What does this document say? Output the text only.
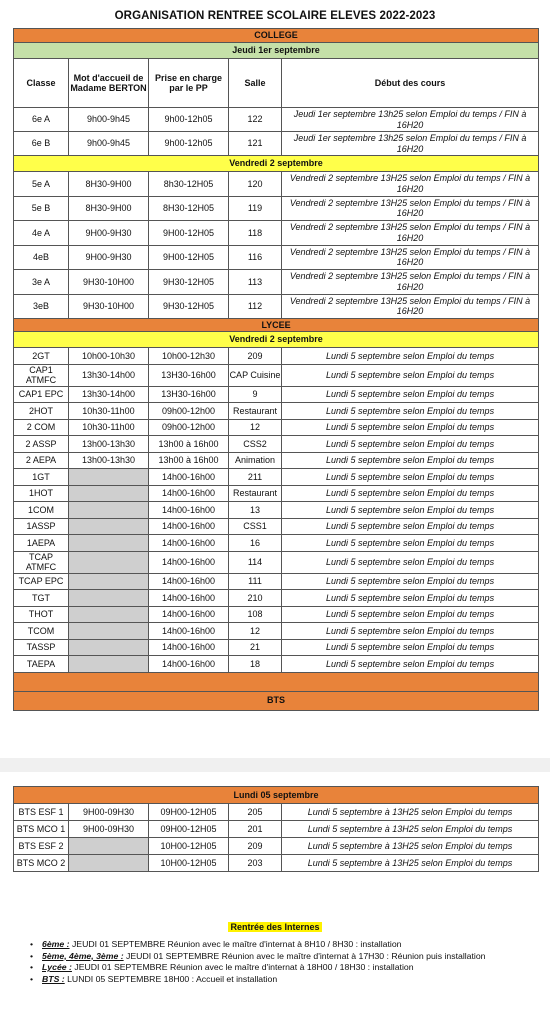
ORGANISATION RENTREE SCOLAIRE ELEVES 2022-2023
COLLEGE				
Jeudi 1er septembre				
Classe	Mot d'accueil de Madame BERTON	Prise en charge par le PP	Salle	Début des cours
6e A	9h00-9h45	9h00-12h05	122	Jeudi 1er septembre 13h25 selon Emploi du temps / FIN à 16H20
6e B	9h00-9h45	9h00-12h05	121	Jeudi 1er septembre 13h25 selon Emploi du temps / FIN à 16H20
Vendredi 2 septembre				
5e A	8H30-9H00	8h30-12H05	120	Vendredi 2 septembre 13H25 selon Emploi du temps / FIN à 16H20
5e B	8H30-9H00	8H30-12H05	119	Vendredi 2 septembre 13H25 selon Emploi du temps / FIN à 16H20
4e A	9H00-9H30	9H00-12H05	118	Vendredi 2 septembre 13H25 selon Emploi du temps / FIN à 16H20
4eB	9H00-9H30	9H00-12H05	116	Vendredi 2 septembre 13H25 selon Emploi du temps / FIN à 16H20
3e A	9H30-10H00	9H30-12H05	113	Vendredi 2 septembre 13H25 selon Emploi du temps / FIN à 16H20
3eB	9H30-10H00	9H30-12H05	112	Vendredi 2 septembre 13H25 selon Emploi du temps / FIN à 16H20
LYCEE				
Vendredi 2 septembre				
2GT	10h00-10h30	10h00-12h30	209	Lundi 5 septembre selon Emploi du temps
CAP1 ATMFC	13h30-14h00	13H30-16h00	CAP Cuisine	Lundi 5 septembre selon Emploi du temps
CAP1 EPC	13h30-14h00	13H30-16h00	9	Lundi 5 septembre selon Emploi du temps
2HOT	10h30-11h00	09h00-12h00	Restaurant	Lundi 5 septembre selon Emploi du temps
2 COM	10h30-11h00	09h00-12h00	12	Lundi 5 septembre selon Emploi du temps
2 ASSP	13h00-13h30	13h00 à 16h00	CSS2	Lundi 5 septembre selon Emploi du temps
2 AEPA	13h00-13h30	13h00 à 16h00	Animation	Lundi 5 septembre selon Emploi du temps
1GT		14h00-16h00	211	Lundi 5 septembre selon Emploi du temps
1HOT		14h00-16h00	Restaurant	Lundi 5 septembre selon Emploi du temps
1COM		14h00-16h00	13	Lundi 5 septembre selon Emploi du temps
1ASSP		14h00-16h00	CSS1	Lundi 5 septembre selon Emploi du temps
1AEPA		14h00-16h00	16	Lundi 5 septembre selon Emploi du temps
TCAP ATMFC		14h00-16h00	114	Lundi 5 septembre selon Emploi du temps
TCAP EPC		14h00-16h00	111	Lundi 5 septembre selon Emploi du temps
TGT		14h00-16h00	210	Lundi 5 septembre selon Emploi du temps
THOT		14h00-16h00	108	Lundi 5 septembre selon Emploi du temps
TCOM		14h00-16h00	12	Lundi 5 septembre selon Emploi du temps
TASSP		14h00-16h00	21	Lundi 5 septembre selon Emploi du temps
TAEPA		14h00-16h00	18	Lundi 5 septembre selon Emploi du temps

BTS				
Lundi 05 septembre				
BTS ESF 1	9H00-09H30	09H00-12H05	205	Lundi 5 septembre à 13H25 selon Emploi du temps
BTS MCO 1	9H00-09H30	09H00-12H05	201	Lundi 5 septembre à 13H25 selon Emploi du temps
BTS ESF 2		10H00-12H05	209	Lundi 5 septembre à 13H25 selon Emploi du temps
BTS MCO 2		10H00-12H05	203	Lundi 5 septembre à 13H25 selon Emploi du temps
Rentrée des Internes
• 6ème : JEUDI 01 SEPTEMBRE Réunion avec le maître d'internat à 8H10 / 8H30 : installation
• 5ème, 4ème, 3ème : JEUDI 01 SEPTEMBRE Réunion avec le maître d'internat à 17H30 : Réunion puis installation
• Lycée : JEUDI 01 SEPTEMBRE Réunion avec le maître d'internat à 18H00 / 18H30 : installation
• BTS : LUNDI 05 SEPTEMBRE 18H00 : Accueil et installation
